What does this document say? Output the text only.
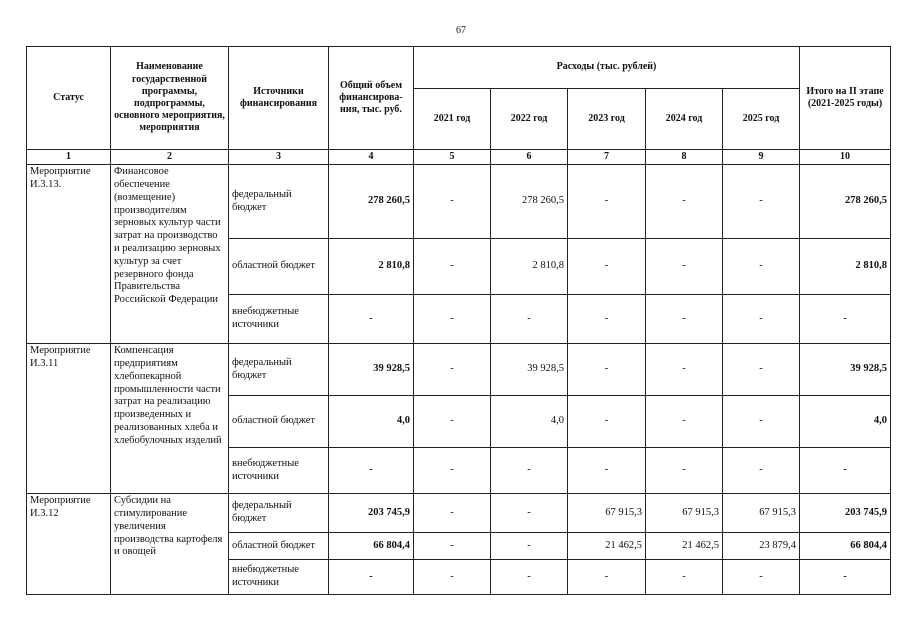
67
Статус	Наименование государственной программы, подпрограммы, основного мероприятия, мероприятия	Источники финансирования	Общий объем финансирова-ния, тыс. руб.	Расходы (тыс. рублей)					Итого на II этапе (2021-2025 годы)
				2021 год	2022 год	2023 год	2024 год	2025 год	
1	2	3	4	5	6	7	8	9	10
Мероприятие И.3.13.	Финансовое обеспечение (возмещение) производителям зерновых культур части затрат на производство и реализацию зерновых культур за счет резервного фонда Правительства Российской Федерации	федеральный бюджет	278 260,5	-	278 260,5	-	-	-	278 260,5
		областной бюджет	2 810,8	-	2 810,8	-	-	-	2 810,8
		внебюджетные источники	-	-	-	-	-	-	-
Мероприятие И.3.11	Компенсация предприятиям хлебопекарной промышленности части затрат на реализацию произведенных и реализованных хлеба и хлебобулочных изделий	федеральный бюджет	39 928,5	-	39 928,5	-	-	-	39 928,5
		областной бюджет	4,0	-	4,0	-	-	-	4,0
		внебюджетные источники	-	-	-	-	-	-	-
Мероприятие И.3.12	Субсидии на стимулирование увеличения производства картофеля и овощей	федеральный бюджет	203 745,9	-	-	67 915,3	67 915,3	67 915,3	203 745,9
		областной бюджет	66 804,4	-	-	21 462,5	21 462,5	23 879,4	66 804,4
		внебюджетные источники	-	-	-	-	-	-	-
